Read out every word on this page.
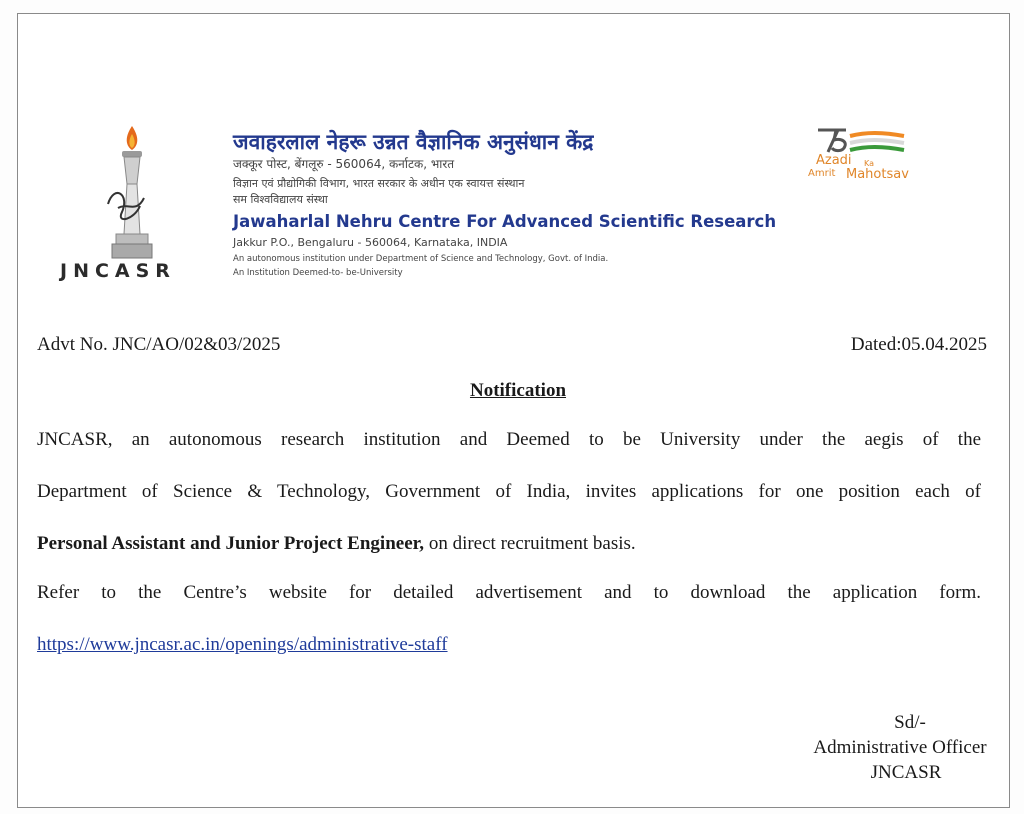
JNCASR
जवाहरलाल नेहरू उन्नत वैज्ञानिक अनुसंधान केंद्र
जक्कूर पोस्ट, बेंगलूरु - 560064, कर्नाटक, भारत
विज्ञान एवं प्रौद्योगिकी विभाग, भारत सरकार के अधीन एक स्वायत्त संस्थान
सम विश्वविद्यालय संस्था
Jawaharlal Nehru Centre For Advanced Scientific Research
Jakkur P.O., Bengaluru - 560064, Karnataka, INDIA
An autonomous institution under Department of Science and Technology, Govt. of India.
An Institution Deemed-to- be-University
Azadi Ka
Amrit Mahotsav
Advt No. JNC/AO/02&03/2025	Dated:05.04.2025
Notification
JNCASR, an autonomous research institution and Deemed to be University under the aegis of the
Department of Science & Technology, Government of India, invites applications for one position each of
Personal Assistant and Junior Project Engineer, on direct recruitment basis.
Refer to the Centre’s website for detailed advertisement and to download the application form.
https://www.jncasr.ac.in/openings/administrative-staff
Sd/-
Administrative Officer
JNCASR
